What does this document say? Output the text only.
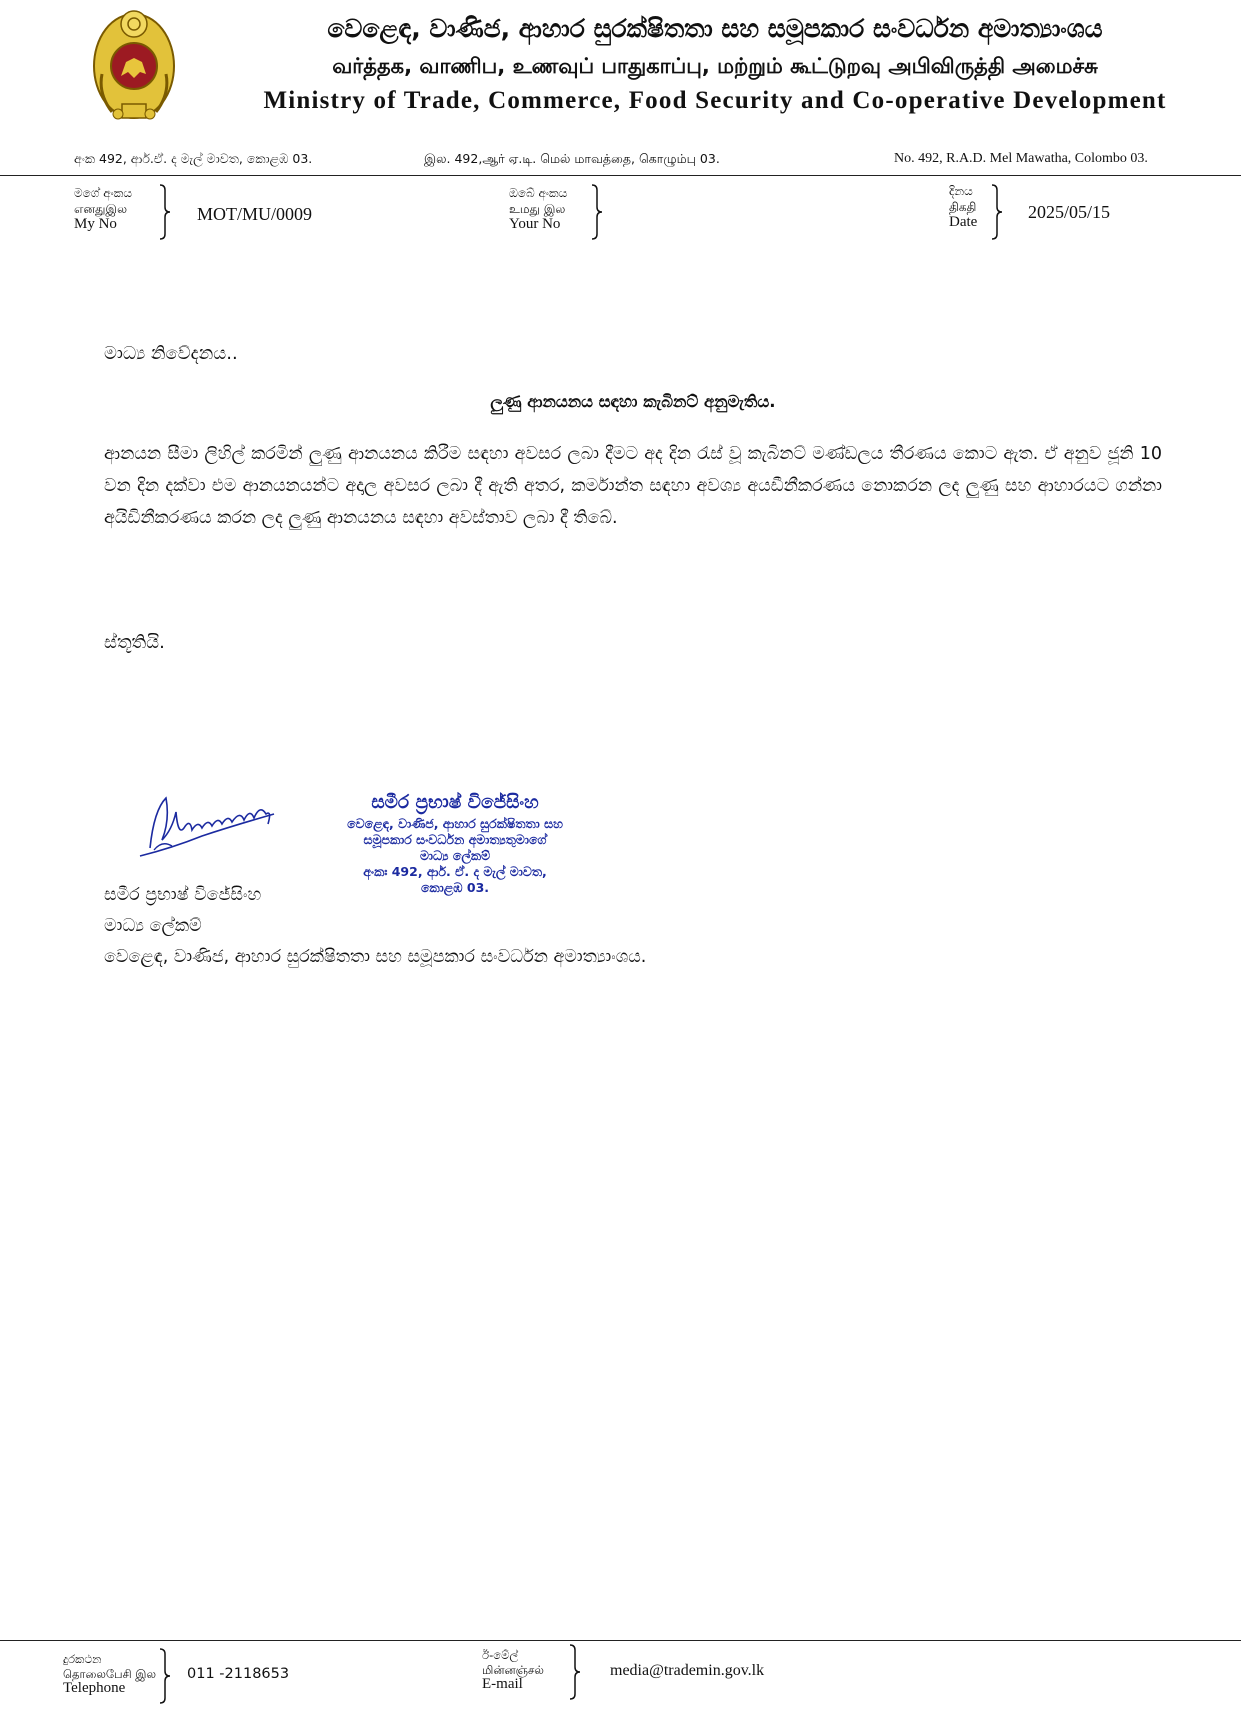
වෙළෙඳ, වාණිජ, ආහාර සුරක්ෂිතතා සහ සමූපකාර සංවර්ධන අමාත්‍යාංශය
வர்த்தக, வாணிப, உணவுப் பாதுகாப்பு, மற்றும் கூட்டுறவு அபிவிருத்தி அமைச்சு
Ministry of Trade, Commerce, Food Security and Co-operative Development
අංක 492, ආර්.ඒ. ද මැල් මාවත, කොළඹ 03.	இல. 492,ஆர் ஏ.டி. மெல் மாவத்தை, கொழும்பு 03.	No. 492, R.A.D. Mel Mawatha, Colombo 03.
මගේ අංකය
எனதுஇல
My No	MOT/MU/0009
ඔබේ අංකය
உமது இல
Your No
දිනය
திகதி
Date	2025/05/15
මාධ්‍ය නිවේදනය..
ලුණු ආනයනය සඳහා කැබිනට් අනුමැතිය.
ආනයන සීමා ලිහිල් කරමින් ලුණු ආනයනය කිරීම සඳහා අවසර ලබා දීමට අද දින රැස් වූ කැබිනට් මණ්ඩලය තීරණය කොට ඇත. ඒ අනුව ජූනි 10 වන දින දක්වා එම ආනයනයන්ට අදාල අවසර ලබා දී ඇති අතර, කර්මාන්ත සඳහා අවශ්‍ය අයඩීනීකරණය නොකරන ලද ලුණු සහ ආහාරයට ගන්නා අයිඩිනීකරණය කරන ලද ලුණු ආනයනය සඳහා අවස්තාව ලබා දී තිබේ.
ස්තූතියි.
සමීර ප්‍රභාෂ් විජේසිංහ
වෙළෙඳ, වාණිජ, ආහාර සුරක්ෂිතතා සහ
සමූපකාර සංවර්ධන අමාත්‍යතුමාගේ
මාධ්‍ය ලේකම්
අංකඃ 492, ආර්. ඒ. ද මැල් මාවත,
කොළඹ 03.
සමීර ප්‍රභාෂ් විජේසිංහ
මාධ්‍ය ලේකම්
වෙළෙඳ, වාණිජ, ආහාර සුරක්ෂිතතා සහ සමූපකාර සංවර්ධන අමාත්‍යාංශය.
දුරකථන
தொலைபேசி இல
Telephone
011 -2118653
ඊ-මේල්
மின்னஞ்சல்
E-mail
media@trademin.gov.lk
